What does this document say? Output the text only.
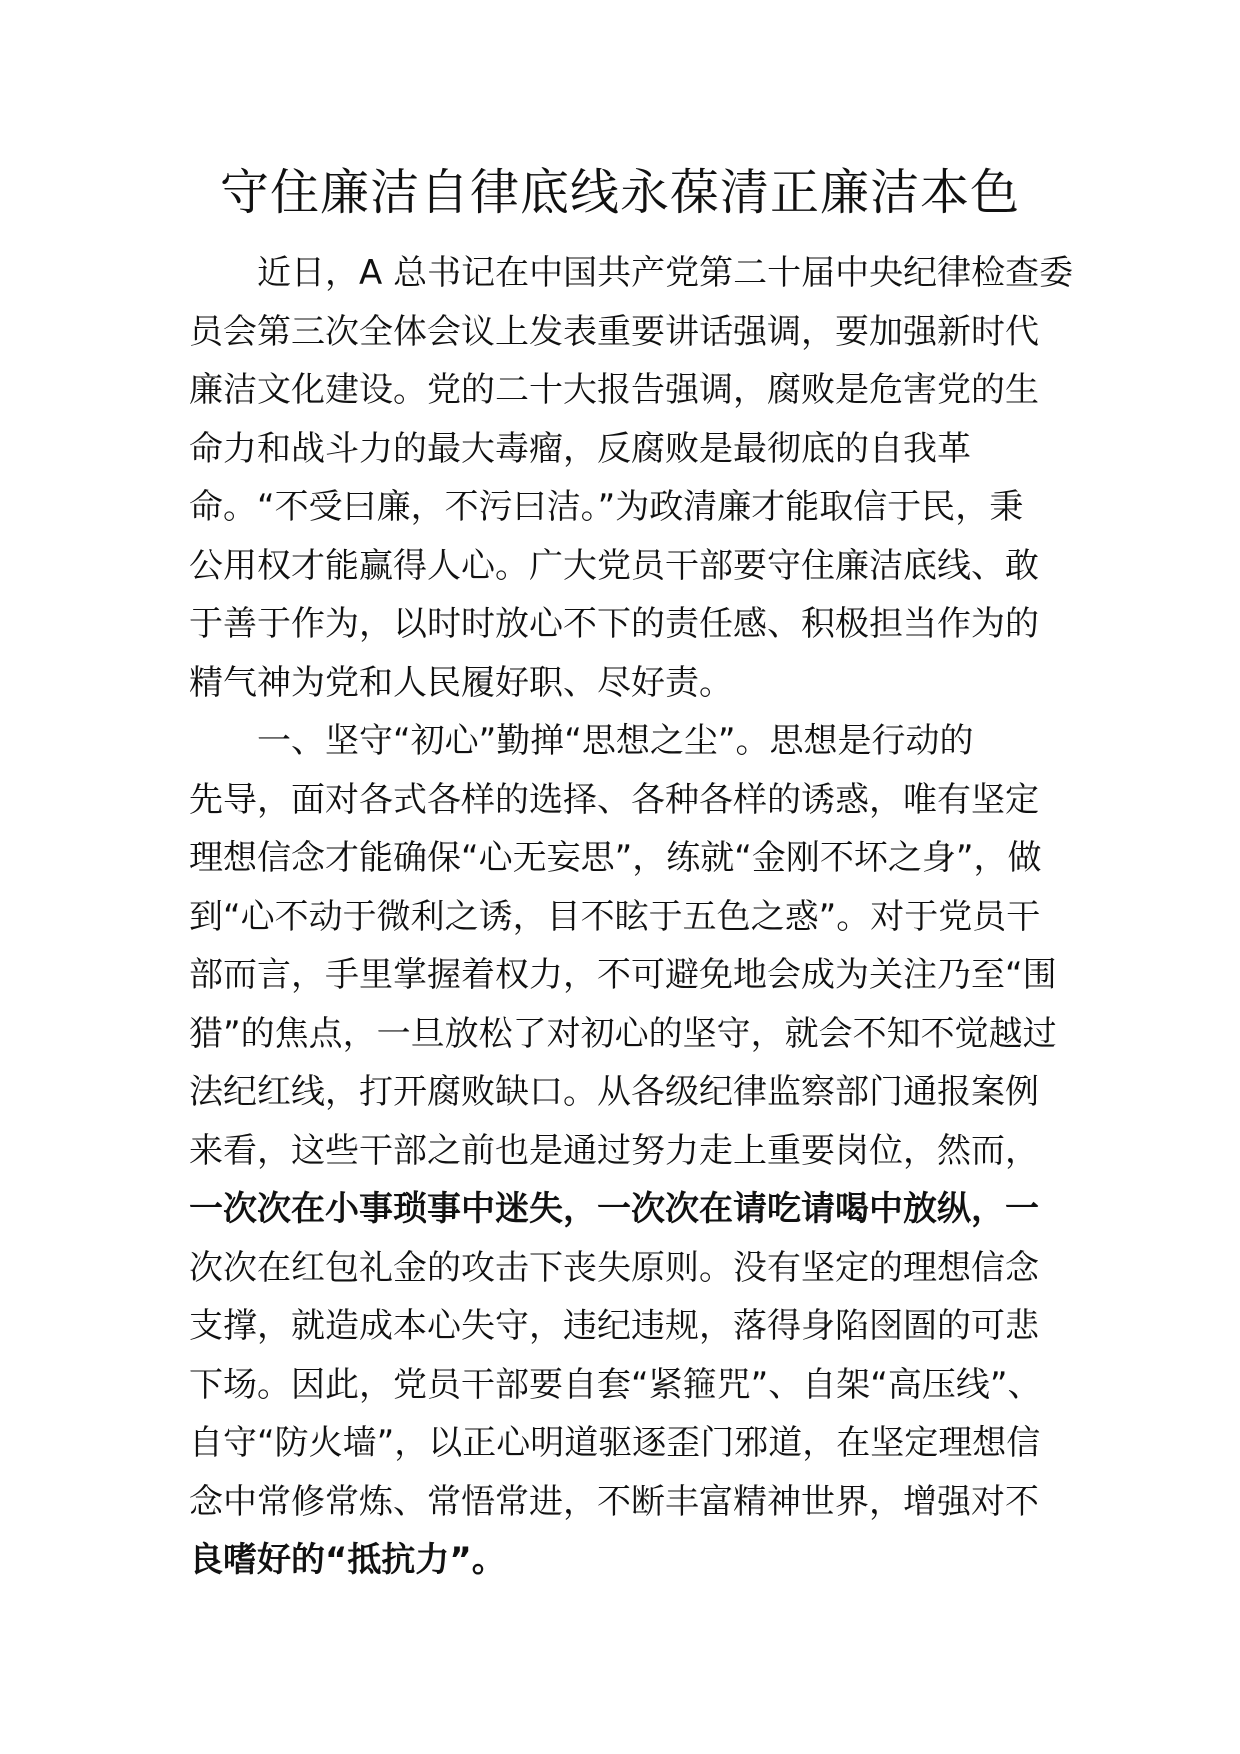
守住廉洁自律底线永葆清正廉洁本色
　　近日，A 总书记在中国共产党第二十届中央纪律检查委
员会第三次全体会议上发表重要讲话强调，要加强新时代
廉洁文化建设。党的二十大报告强调，腐败是危害党的生
命力和战斗力的最大毒瘤，反腐败是最彻底的自我革
命。“不受曰廉，不污曰洁。”为政清廉才能取信于民，秉
公用权才能赢得人心。广大党员干部要守住廉洁底线、敢
于善于作为，以时时放心不下的责任感、积极担当作为的
精气神为党和人民履好职、尽好责。
　　一、坚守“初心”勤掸“思想之尘”。思想是行动的
先导，面对各式各样的选择、各种各样的诱惑，唯有坚定
理想信念才能确保“心无妄思”，练就“金刚不坏之身”，做
到“心不动于微利之诱，目不眩于五色之惑”。对于党员干
部而言，手里掌握着权力，不可避免地会成为关注乃至“围
猎”的焦点，一旦放松了对初心的坚守，就会不知不觉越过
法纪红线，打开腐败缺口。从各级纪律监察部门通报案例
来看，这些干部之前也是通过努力走上重要岗位，然而，
一次次在小事琐事中迷失，一次次在请吃请喝中放纵，一
次次在红包礼金的攻击下丧失原则。没有坚定的理想信念
支撑，就造成本心失守，违纪违规，落得身陷囹圄的可悲
下场。因此，党员干部要自套“紧箍咒”、自架“高压线”、
自守“防火墙”，以正心明道驱逐歪门邪道，在坚定理想信
念中常修常炼、常悟常进，不断丰富精神世界，增强对不
良嗜好的“抵抗力”。
